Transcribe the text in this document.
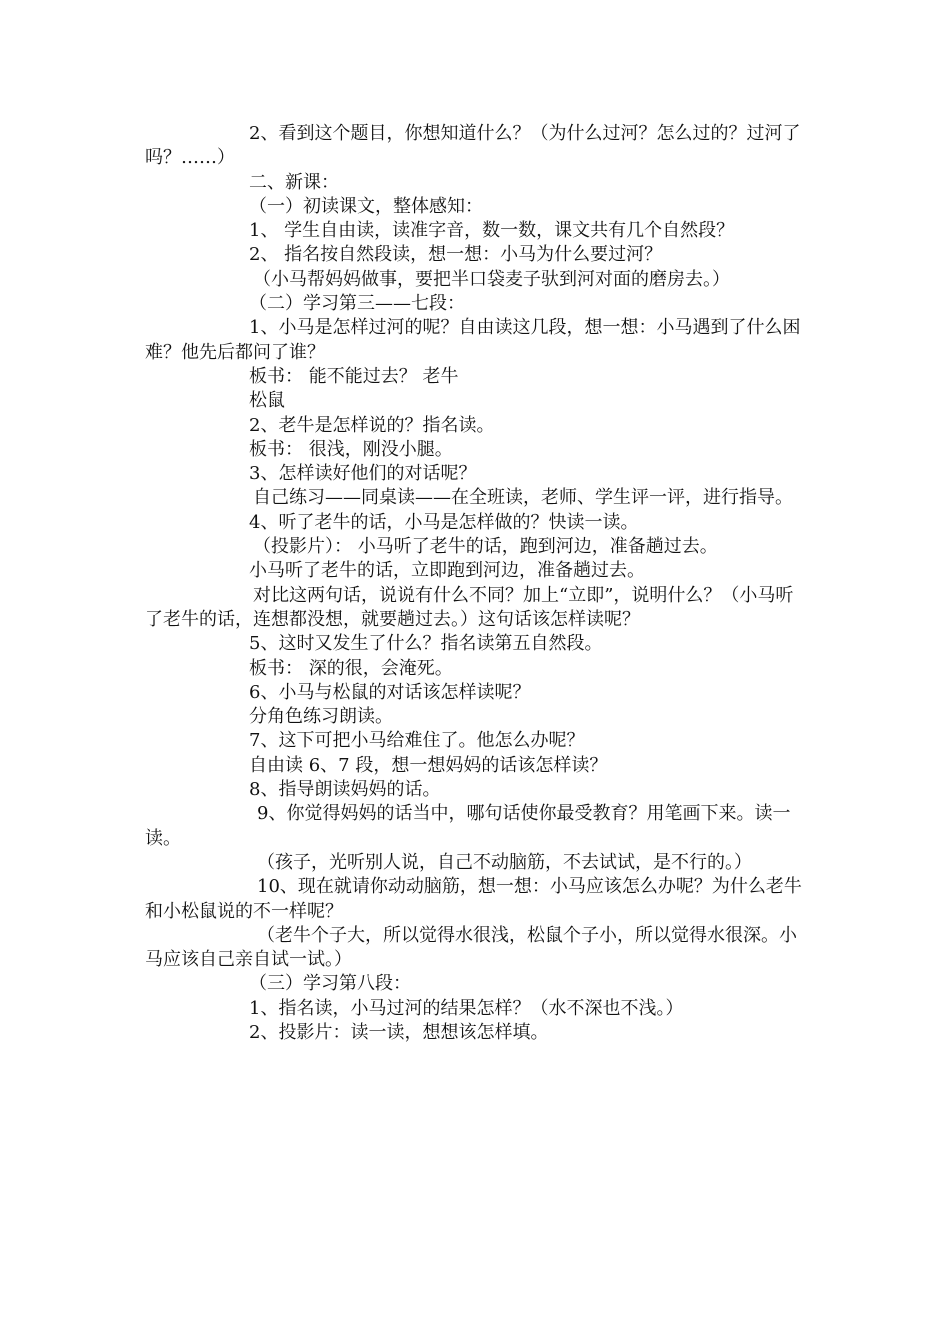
2、看到这个题目，你想知道什么？（为什么过河？怎么过的？过河了吗？……）

二、新课：

（一）初读课文，整体感知：

1、 学生自由读，读准字音，数一数，课文共有几个自然段？

2、 指名按自然段读，想一想：小马为什么要过河？

（小马帮妈妈做事，要把半口袋麦子驮到河对面的磨房去。）

（二）学习第三——七段：

1、小马是怎样过河的呢？自由读这几段，想一想：小马遇到了什么困难？他先后都问了谁？

板书： 能不能过去？ 老牛

松鼠

2、老牛是怎样说的？指名读。

板书： 很浅，刚没小腿。

3、怎样读好他们的对话呢？

自己练习——同桌读——在全班读，老师、学生评一评，进行指导。

4、听了老牛的话，小马是怎样做的？快读一读。

（投影片）： 小马听了老牛的话，跑到河边，准备趟过去。

小马听了老牛的话，立即跑到河边，准备趟过去。

对比这两句话，说说有什么不同？加上“立即”，说明什么？（小马听了老牛的话，连想都没想，就要趟过去。）这句话该怎样读呢？

5、这时又发生了什么？指名读第五自然段。

板书： 深的很，会淹死。

6、小马与松鼠的对话该怎样读呢？

分角色练习朗读。

7、这下可把小马给难住了。他怎么办呢？

自由读 6、7 段，想一想妈妈的话该怎样读？

8、指导朗读妈妈的话。

9、你觉得妈妈的话当中，哪句话使你最受教育？用笔画下来。读一读。

（孩子，光听别人说，自己不动脑筋，不去试试，是不行的。）

10、现在就请你动动脑筋，想一想：小马应该怎么办呢？为什么老牛和小松鼠说的不一样呢？

（老牛个子大，所以觉得水很浅，松鼠个子小，所以觉得水很深。小马应该自己亲自试一试。）

（三）学习第八段：

1、指名读，小马过河的结果怎样？（水不深也不浅。）

2、投影片：读一读，想想该怎样填。
